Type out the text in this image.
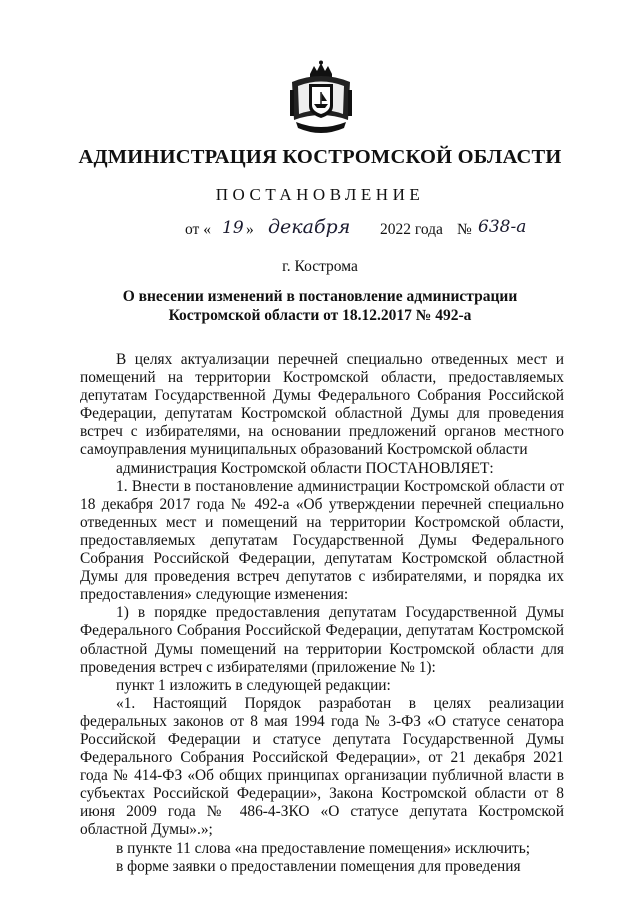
АДМИНИСТРАЦИЯ КОСТРОМСКОЙ ОБЛАСТИ
ПОСТАНОВЛЕНИЕ
от « 19 » декабря 2022 года № 638-а
г. Кострома
О внесении изменений в постановление администрации
Костромской области от 18.12.2017 № 492-а

В целях актуализации перечней специально отведенных мест и помещений на территории Костромской области, предоставляемых депутатам Государственной Думы Федерального Собрания Российской Федерации, депутатам Костромской областной Думы для проведения встреч с избирателями, на основании предложений органов местного самоуправления муниципальных образований Костромской области

администрация Костромской области ПОСТАНОВЛЯЕТ:

1. Внести в постановление администрации Костромской области от 18 декабря 2017 года № 492-а «Об утверждении перечней специально отведенных мест и помещений на территории Костромской области, предоставляемых депутатам Государственной Думы Федерального Собрания Российской Федерации, депутатам Костромской областной Думы для проведения встреч депутатов с избирателями, и порядка их предоставления» следующие изменения:

1) в порядке предоставления депутатам Государственной Думы Федерального Собрания Российской Федерации, депутатам Костромской областной Думы помещений на территории Костромской области для проведения встреч с избирателями (приложение № 1):

пункт 1 изложить в следующей редакции:

«1. Настоящий Порядок разработан в целях реализации федеральных законов от 8 мая 1994 года № 3-ФЗ «О статусе сенатора Российской Федерации и статусе депутата Государственной Думы Федерального Собрания Российской Федерации», от 21 декабря 2021 года № 414-ФЗ «Об общих принципах организации публичной власти в субъектах Российской Федерации», Закона Костромской области от 8 июня 2009 года № 486-4-ЗКО «О статусе депутата Костромской областной Думы».»;

в пункте 11 слова «на предоставление помещения» исключить;

в форме заявки о предоставлении помещения для проведения
